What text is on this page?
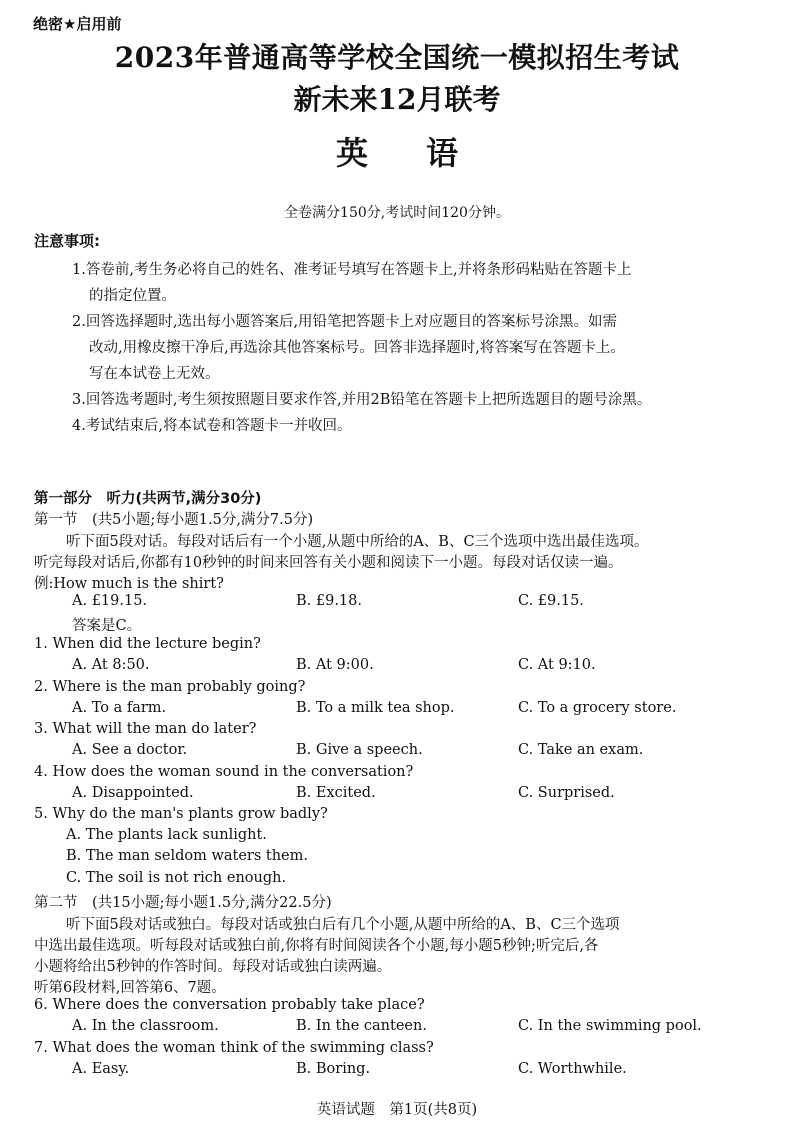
绝密★启用前
2023年普通高等学校全国统一模拟招生考试
新未来12月联考
英语
全卷满分150分,考试时间120分钟。
注意事项:
1.答卷前,考生务必将自己的姓名、准考证号填写在答题卡上,并将条形码粘贴在答题卡上
的指定位置。
2.回答选择题时,选出每小题答案后,用铅笔把答题卡上对应题目的答案标号涂黑。如需
改动,用橡皮擦干净后,再选涂其他答案标号。回答非选择题时,将答案写在答题卡上。
写在本试卷上无效。
3.回答选考题时,考生须按照题目要求作答,并用2B铅笔在答题卡上把所选题目的题号涂黑。
4.考试结束后,将本试卷和答题卡一并收回。
第一部分　听力(共两节,满分30分)
第一节　(共5小题;每小题1.5分,满分7.5分)
听下面5段对话。每段对话后有一个小题,从题中所给的A、B、C三个选项中选出最佳选项。
听完每段对话后,你都有10秒钟的时间来回答有关小题和阅读下一小题。每段对话仅读一遍。
例:How much is the shirt?
A. £19.15.	B. £9.18.	C. £9.15.
答案是C。
1. When did the lecture begin?
A. At 8:50.	B. At 9:00.	C. At 9:10.
2. Where is the man probably going?
A. To a farm.	B. To a milk tea shop.	C. To a grocery store.
3. What will the man do later?
A. See a doctor.	B. Give a speech.	C. Take an exam.
4. How does the woman sound in the conversation?
A. Disappointed.	B. Excited.	C. Surprised.
5. Why do the man's plants grow badly?
A. The plants lack sunlight.
B. The man seldom waters them.
C. The soil is not rich enough.
第二节　(共15小题;每小题1.5分,满分22.5分)
听下面5段对话或独白。每段对话或独白后有几个小题,从题中所给的A、B、C三个选项
中选出最佳选项。听每段对话或独白前,你将有时间阅读各个小题,每小题5秒钟;听完后,各
小题将给出5秒钟的作答时间。每段对话或独白读两遍。
听第6段材料,回答第6、7题。
6. Where does the conversation probably take place?
A. In the classroom.	B. In the canteen.	C. In the swimming pool.
7. What does the woman think of the swimming class?
A. Easy.	B. Boring.	C. Worthwhile.
英语试题　第1页(共8页)
